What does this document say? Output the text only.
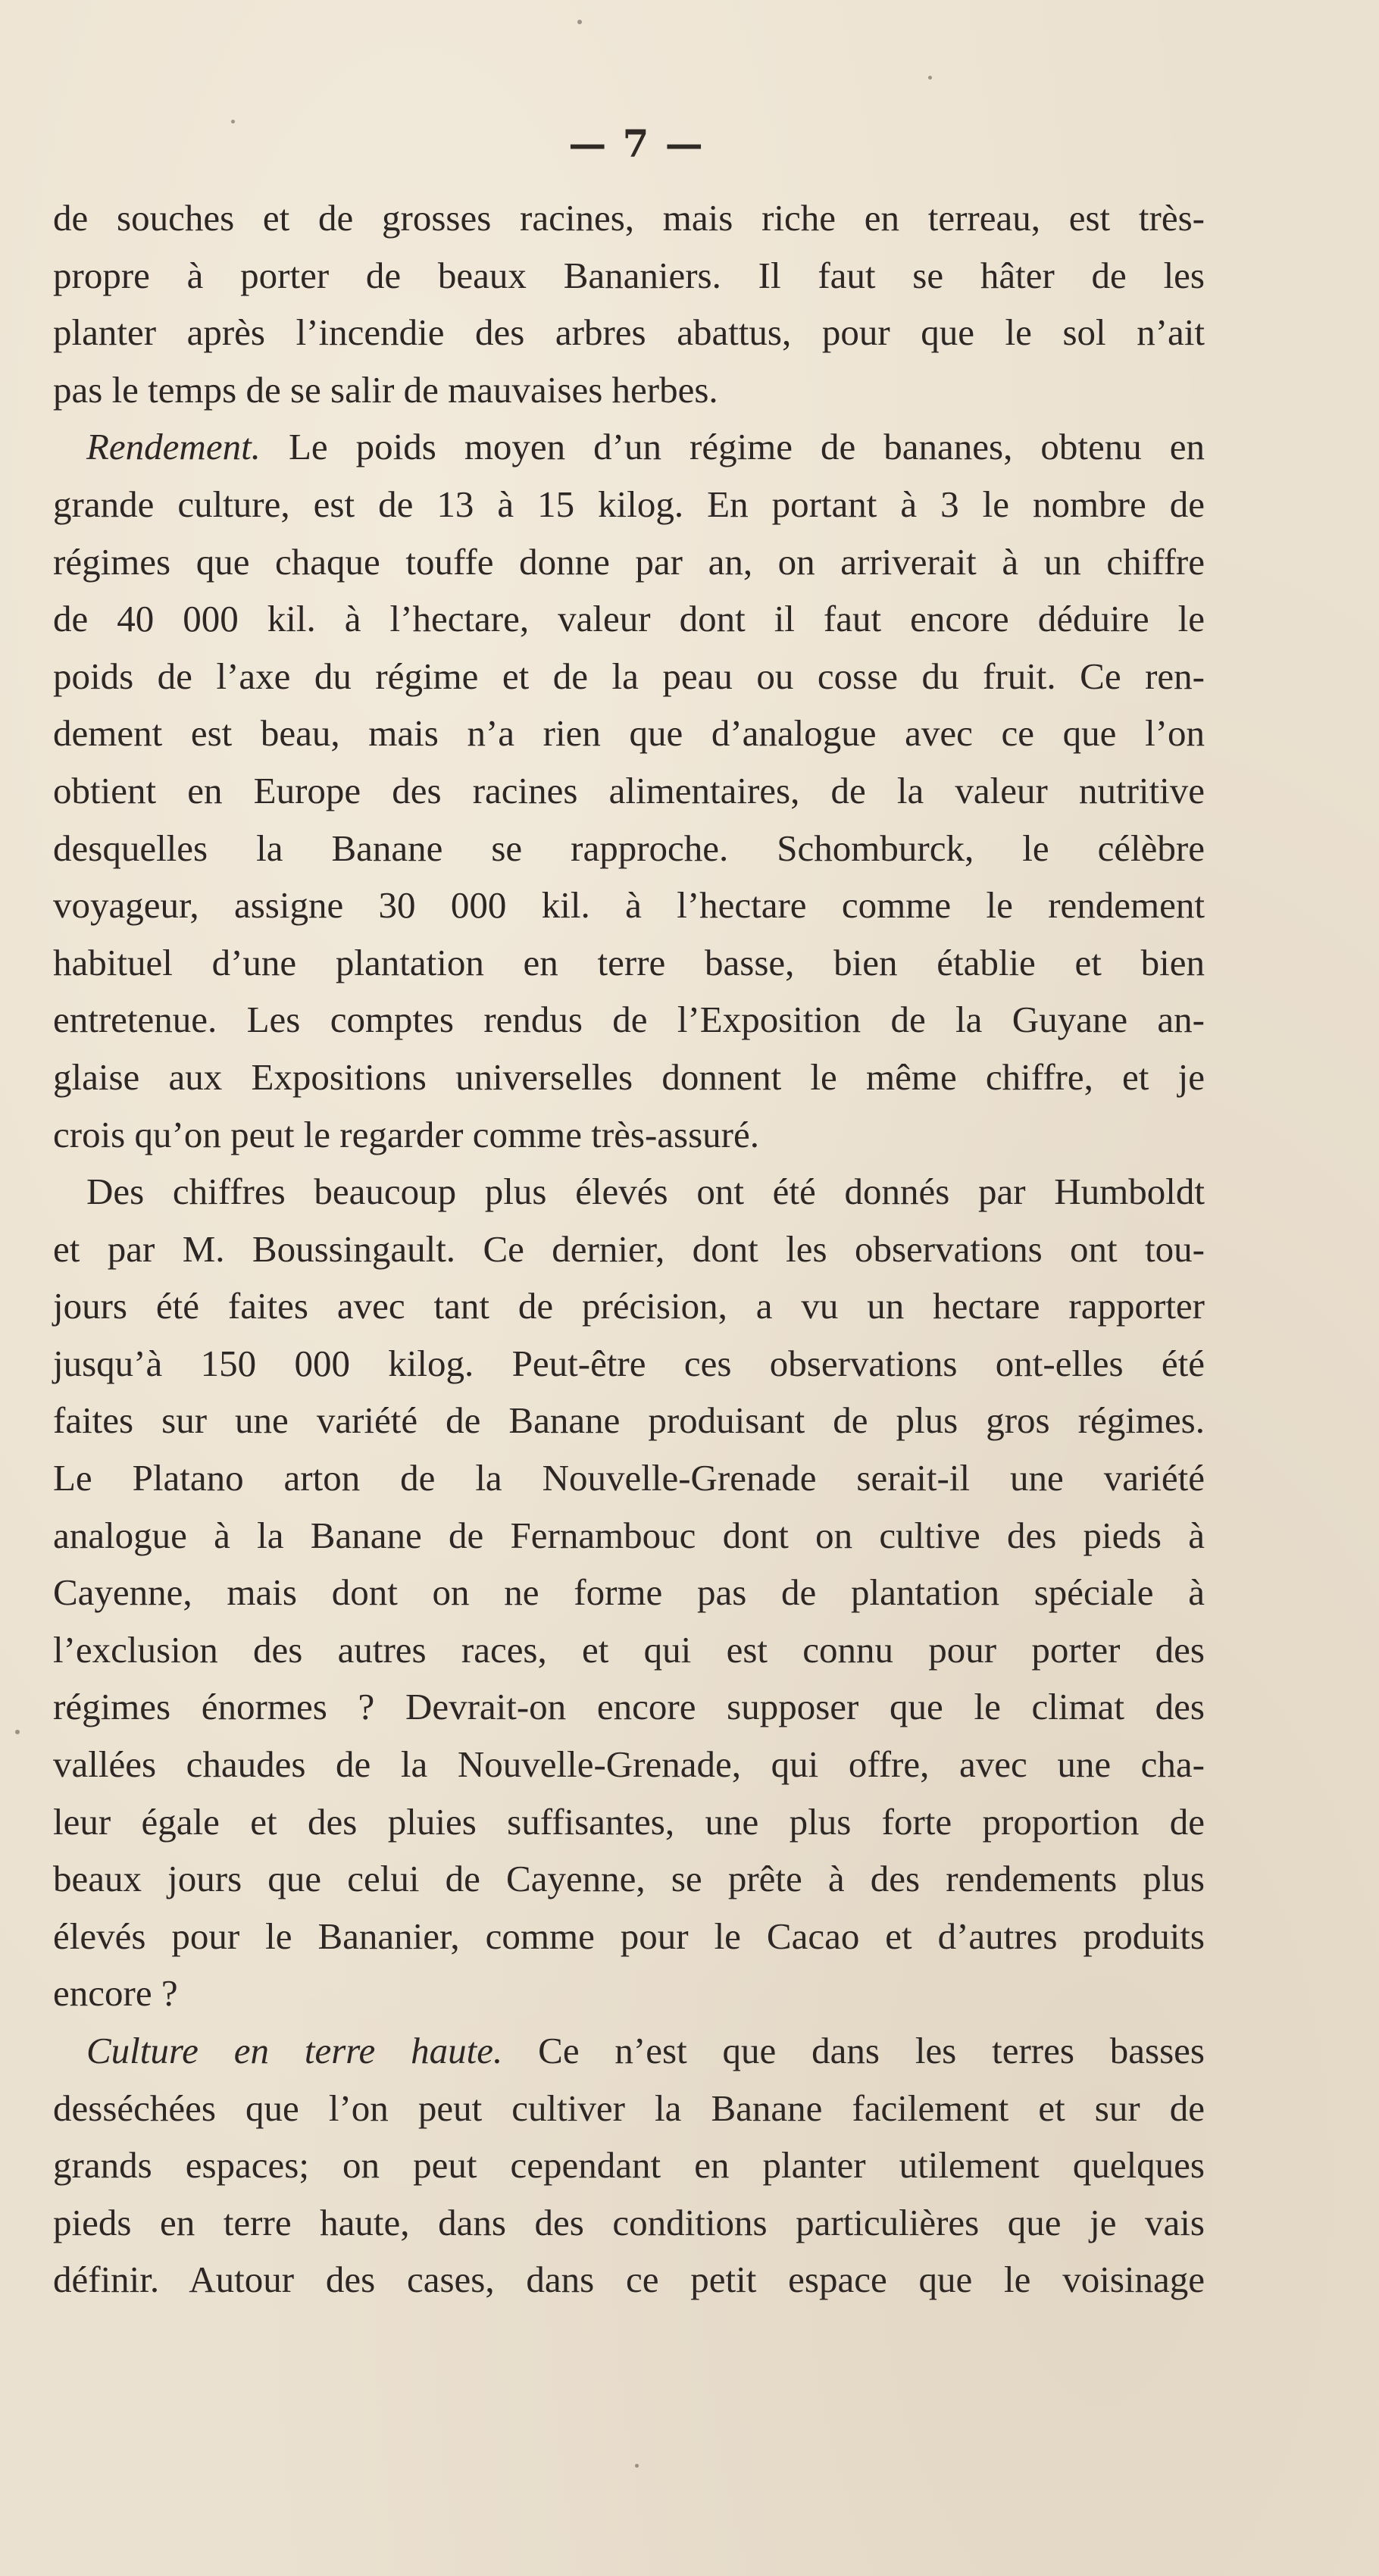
— 7 —

de souches et de grosses racines, mais riche en terreau, est très-

propre à porter de beaux Bananiers. Il faut se hâter de les

planter après l’incendie des arbres abattus, pour que le sol n’ait

pas le temps de se salir de mauvaises herbes.

Rendement. Le poids moyen d’un régime de bananes, obtenu en

grande culture, est de 13 à 15 kilog. En portant à 3 le nombre de

régimes que chaque touffe donne par an, on arriverait à un chiffre

de 40 000 kil. à l’hectare, valeur dont il faut encore déduire le

poids de l’axe du régime et de la peau ou cosse du fruit. Ce ren-

dement est beau, mais n’a rien que d’analogue avec ce que l’on

obtient en Europe des racines alimentaires, de la valeur nutritive

desquelles la Banane se rapproche. Schomburck, le célèbre

voyageur, assigne 30 000 kil. à l’hectare comme le rendement

habituel d’une plantation en terre basse, bien établie et bien

entretenue. Les comptes rendus de l’Exposition de la Guyane an-

glaise aux Expositions universelles donnent le même chiffre, et je

crois qu’on peut le regarder comme très-assuré.

Des chiffres beaucoup plus élevés ont été donnés par Humboldt

et par M. Boussingault. Ce dernier, dont les observations ont tou-

jours été faites avec tant de précision, a vu un hectare rapporter

jusqu’à 150 000 kilog. Peut-être ces observations ont-elles été

faites sur une variété de Banane produisant de plus gros régimes.

Le Platano arton de la Nouvelle-Grenade serait-il une variété

analogue à la Banane de Fernambouc dont on cultive des pieds à

Cayenne, mais dont on ne forme pas de plantation spéciale à

l’exclusion des autres races, et qui est connu pour porter des

régimes énormes ? Devrait-on encore supposer que le climat des

vallées chaudes de la Nouvelle-Grenade, qui offre, avec une cha-

leur égale et des pluies suffisantes, une plus forte proportion de

beaux jours que celui de Cayenne, se prête à des rendements plus

élevés pour le Bananier, comme pour le Cacao et d’autres produits

encore ?

Culture en terre haute. Ce n’est que dans les terres basses

desséchées que l’on peut cultiver la Banane facilement et sur de

grands espaces; on peut cependant en planter utilement quelques

pieds en terre haute, dans des conditions particulières que je vais

définir. Autour des cases, dans ce petit espace que le voisinage
